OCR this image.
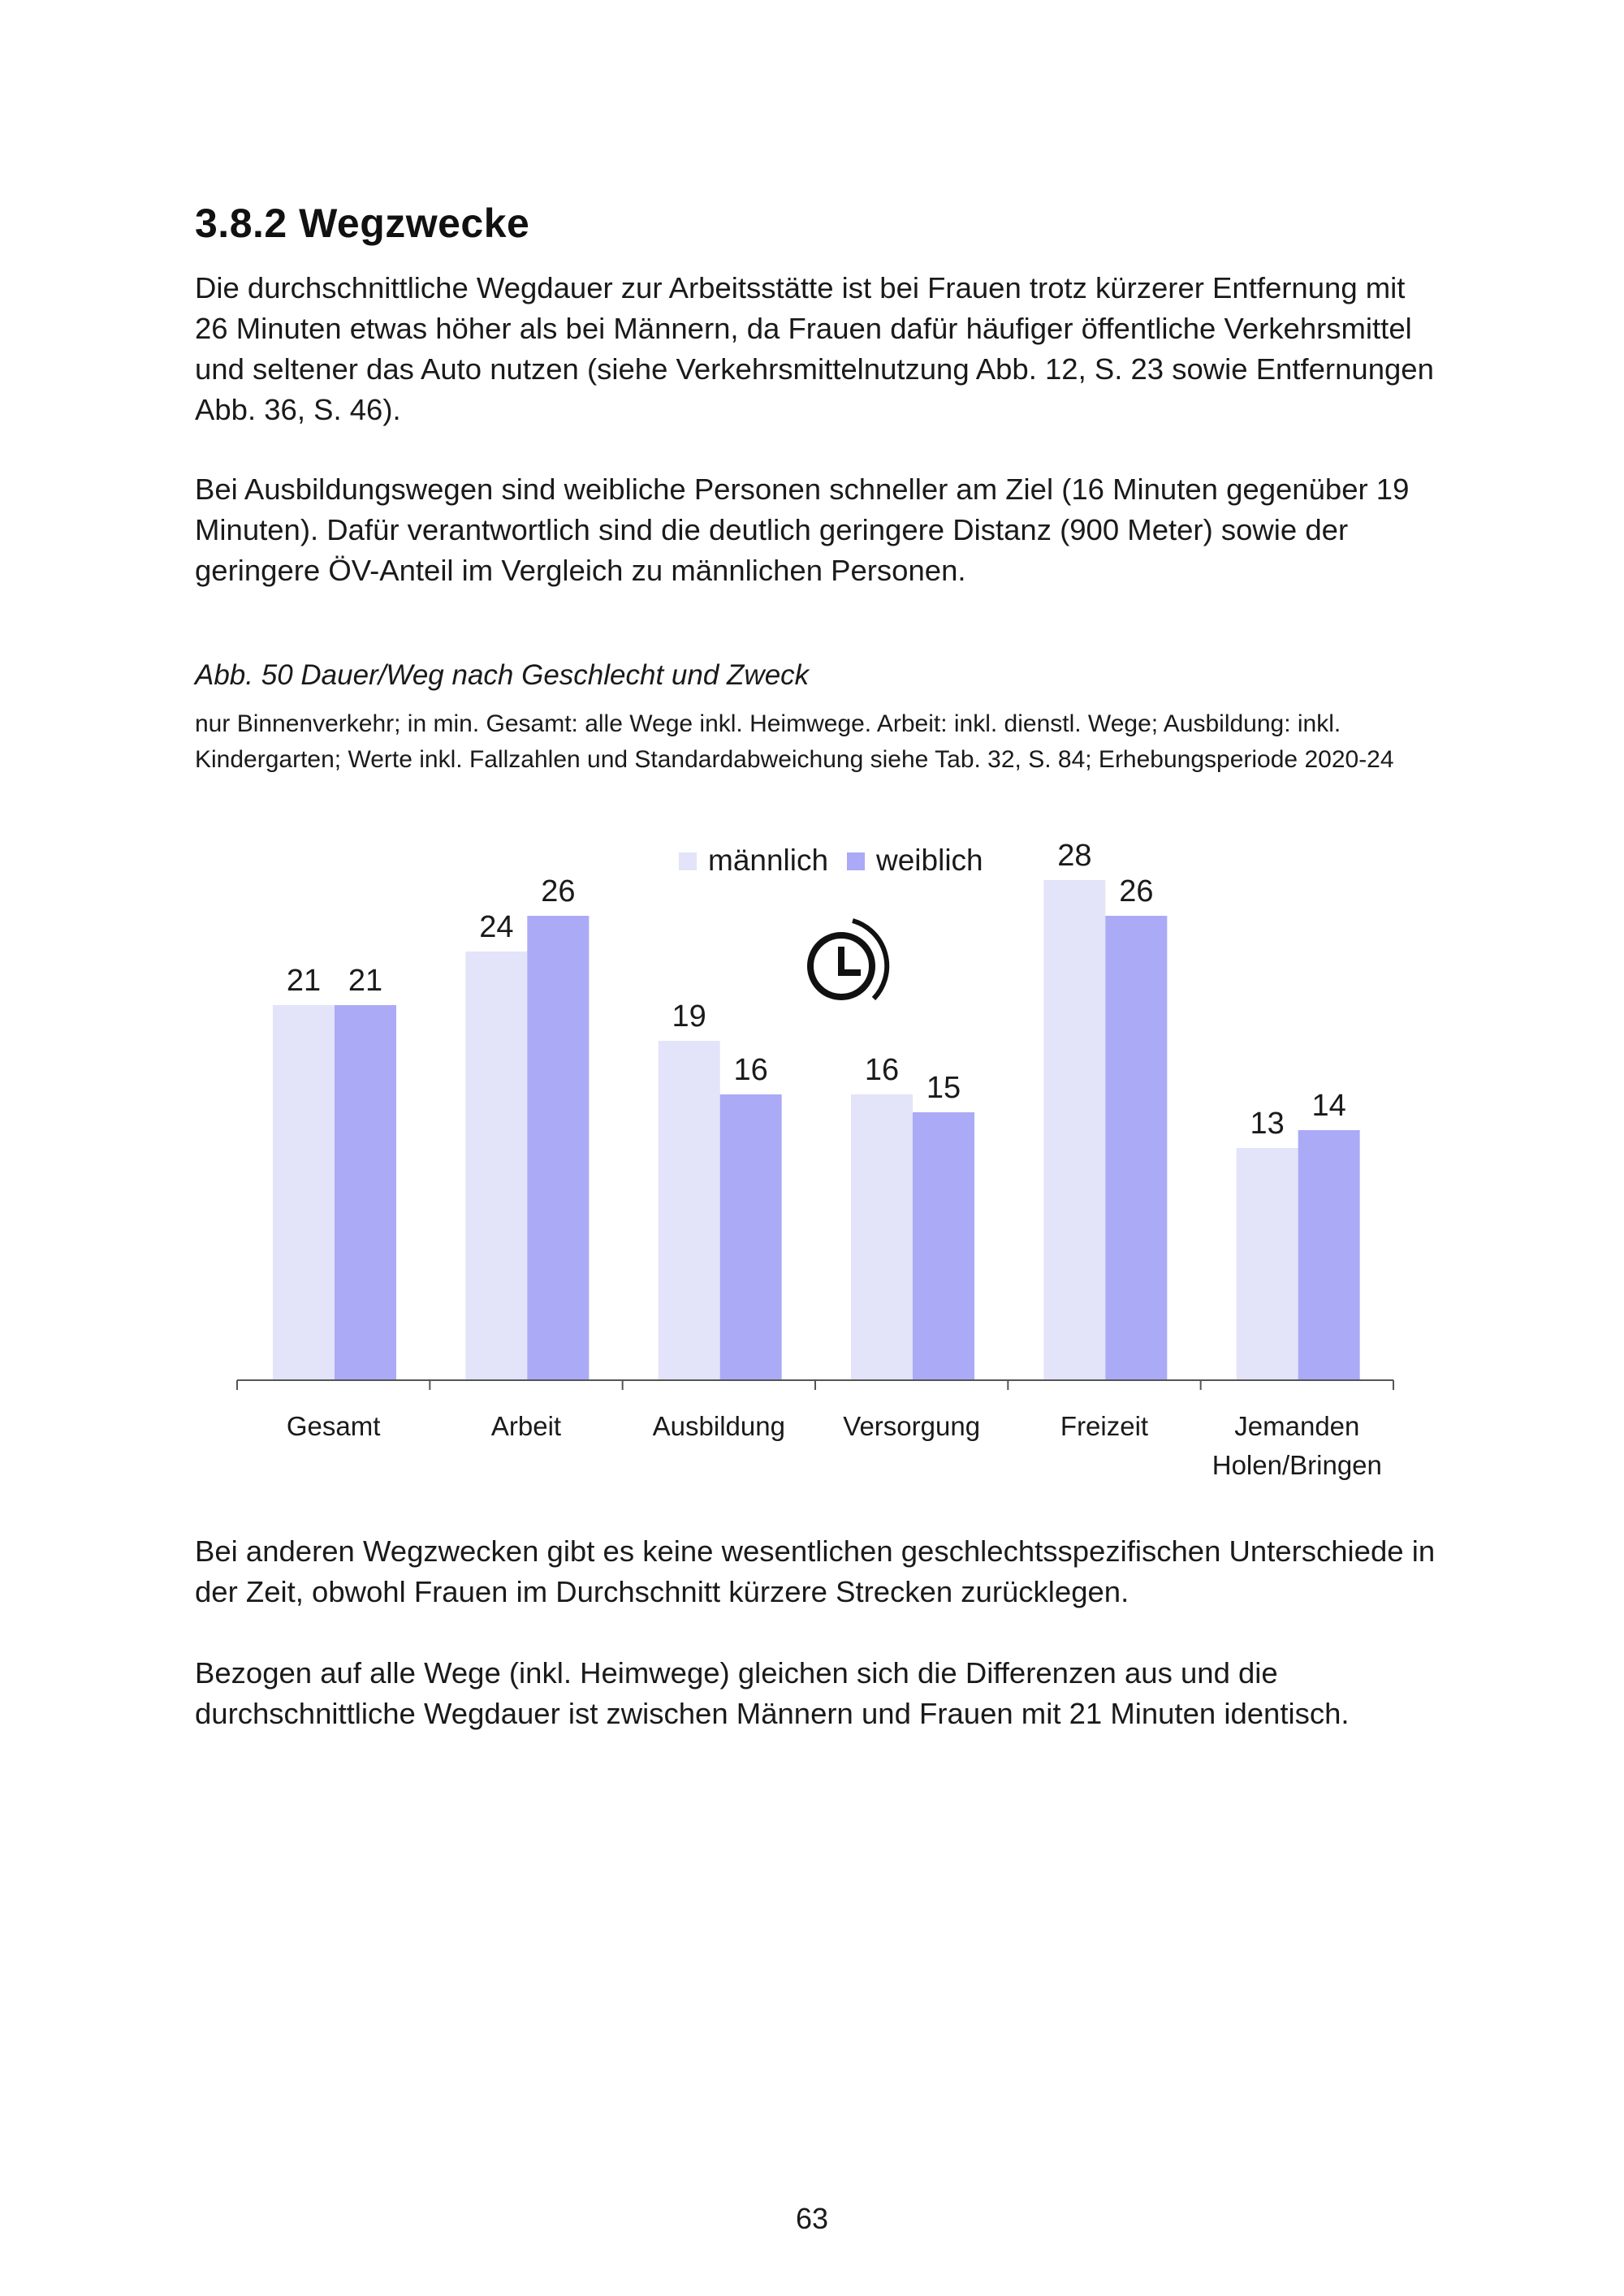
3.8.2 Wegzwecke

Die durchschnittliche Wegdauer zur Arbeitsstätte ist bei Frauen trotz kürzerer Entfernung mit 26 Minuten etwas höher als bei Männern, da Frauen dafür häufiger öffentliche Verkehrsmittel und seltener das Auto nutzen (siehe Verkehrsmittelnutzung Abb. 12, S. 23 sowie Entfernungen Abb. 36, S. 46).

Bei Ausbildungswegen sind weibliche Personen schneller am Ziel (16 Minuten gegenüber 19 Minuten). Dafür verantwortlich sind die deutlich geringere Distanz (900 Meter) sowie der geringere ÖV-Anteil im Vergleich zu männlichen Personen.

Abb. 50 Dauer/Weg nach Geschlecht und Zweck

nur Binnenverkehr; in min. Gesamt: alle Wege inkl. Heimwege. Arbeit: inkl. dienstl. Wege; Ausbildung: inkl. Kindergarten; Werte inkl. Fallzahlen und Standardabweichung siehe Tab. 32, S. 84; Erhebungsperiode 2020-24

männlich weiblich
21 21
24
26
19
16	16
15
28
26
13
14
Gesamt	Arbeit	Ausbildung Versorgung	Freizeit	Jemanden Holen/Bringen

Bei anderen Wegzwecken gibt es keine wesentlichen geschlechtsspezifischen Unterschiede in der Zeit, obwohl Frauen im Durchschnitt kürzere Strecken zurücklegen.

Bezogen auf alle Wege (inkl. Heimwege) gleichen sich die Differenzen aus und die durchschnittliche Wegdauer ist zwischen Männern und Frauen mit 21 Minuten identisch.

63
